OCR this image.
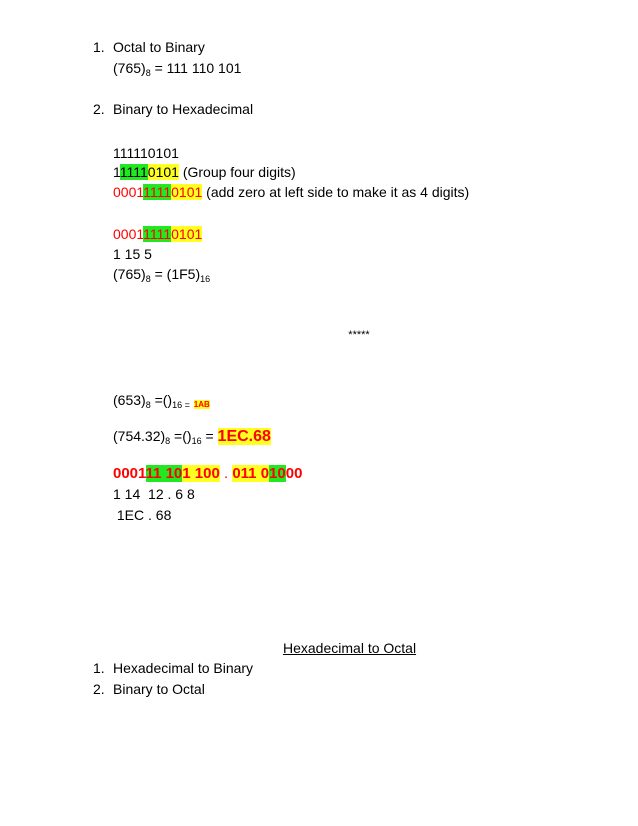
1. Octal to Binary
$(765)_8 = 111$ 110 101
2. Binary to Hexadecimal
111110101
111110101 (Group four digits)
000111110101 (add zero at left side to make it as 4 digits)
000111110101
1 15 5
$(765)_8 = (1F5)_{16}$
*****
$(653)_8 =()_{16 =}$ 1AB
$(754.32)_8 =()_{16} = 1EC.68$
000111 101 100 . 011 01000
1 14  12 . 6 8
1EC . 68
Hexadecimal to Octal
1. Hexadecimal to Binary
2. Binary to Octal
